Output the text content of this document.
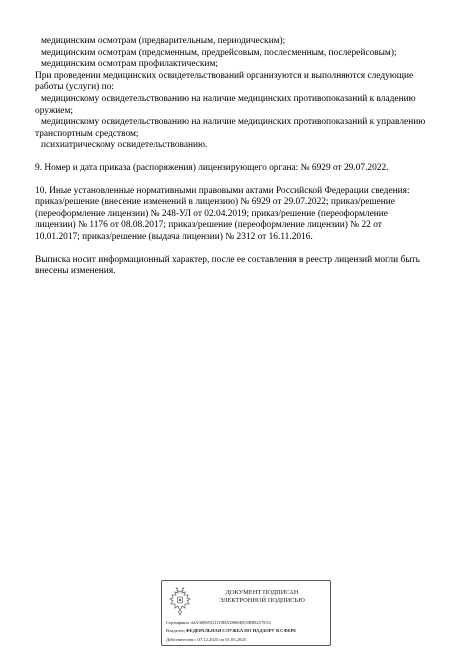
медицинским осмотрам (предварительным, периодическим);
медицинским осмотрам (предсменным, предрейсовым, послесменным, послерейсовым);
медицинским осмотрам профилактическим;
При проведении медицинских освидетельствований организуются и выполняются следующие
работы (услуги) по:
медицинскому освидетельствованию на наличие медицинских противопоказаний к владению
оружием;
медицинскому освидетельствованию на наличие медицинских противопоказаний к управлению
транспортным средством;
психиатрическому освидетельствованию.
9. Номер и дата приказа (распоряжения) лицензирующего органа: № 6929 от 29.07.2022.
10. Иные установленные нормативными правовыми актами Российской Федерации сведения:
приказ/решение (внесение изменений в лицензию) № 6929 от 29.07.2022; приказ/решение
(переоформление лицензии) № 248-УЛ от 02.04.2019; приказ/решение (переоформление
лицензии) № 1176 от 08.08.2017; приказ/решение (переоформление лицензии) № 22 от
10.01.2017; приказ/решение (выдача лицензии) № 2312 от 16.11.2016.
Выписка носит информационный характер, после ее составления в реестр лицензий могли быть
внесены изменения.
ДОКУМЕНТ ПОДПИСАН
ЭЛЕКТРОННОЙ ПОДПИСЬЮ
Сертификат 44A36985521I10BAD860I0C8B88257E33
Владелец ФЕДЕРАЛЬНАЯ СЛУЖБА ПО НАДЗОРУ В СФЕРЕ
Действителен с 07.12.2023 по 01.03.2025
